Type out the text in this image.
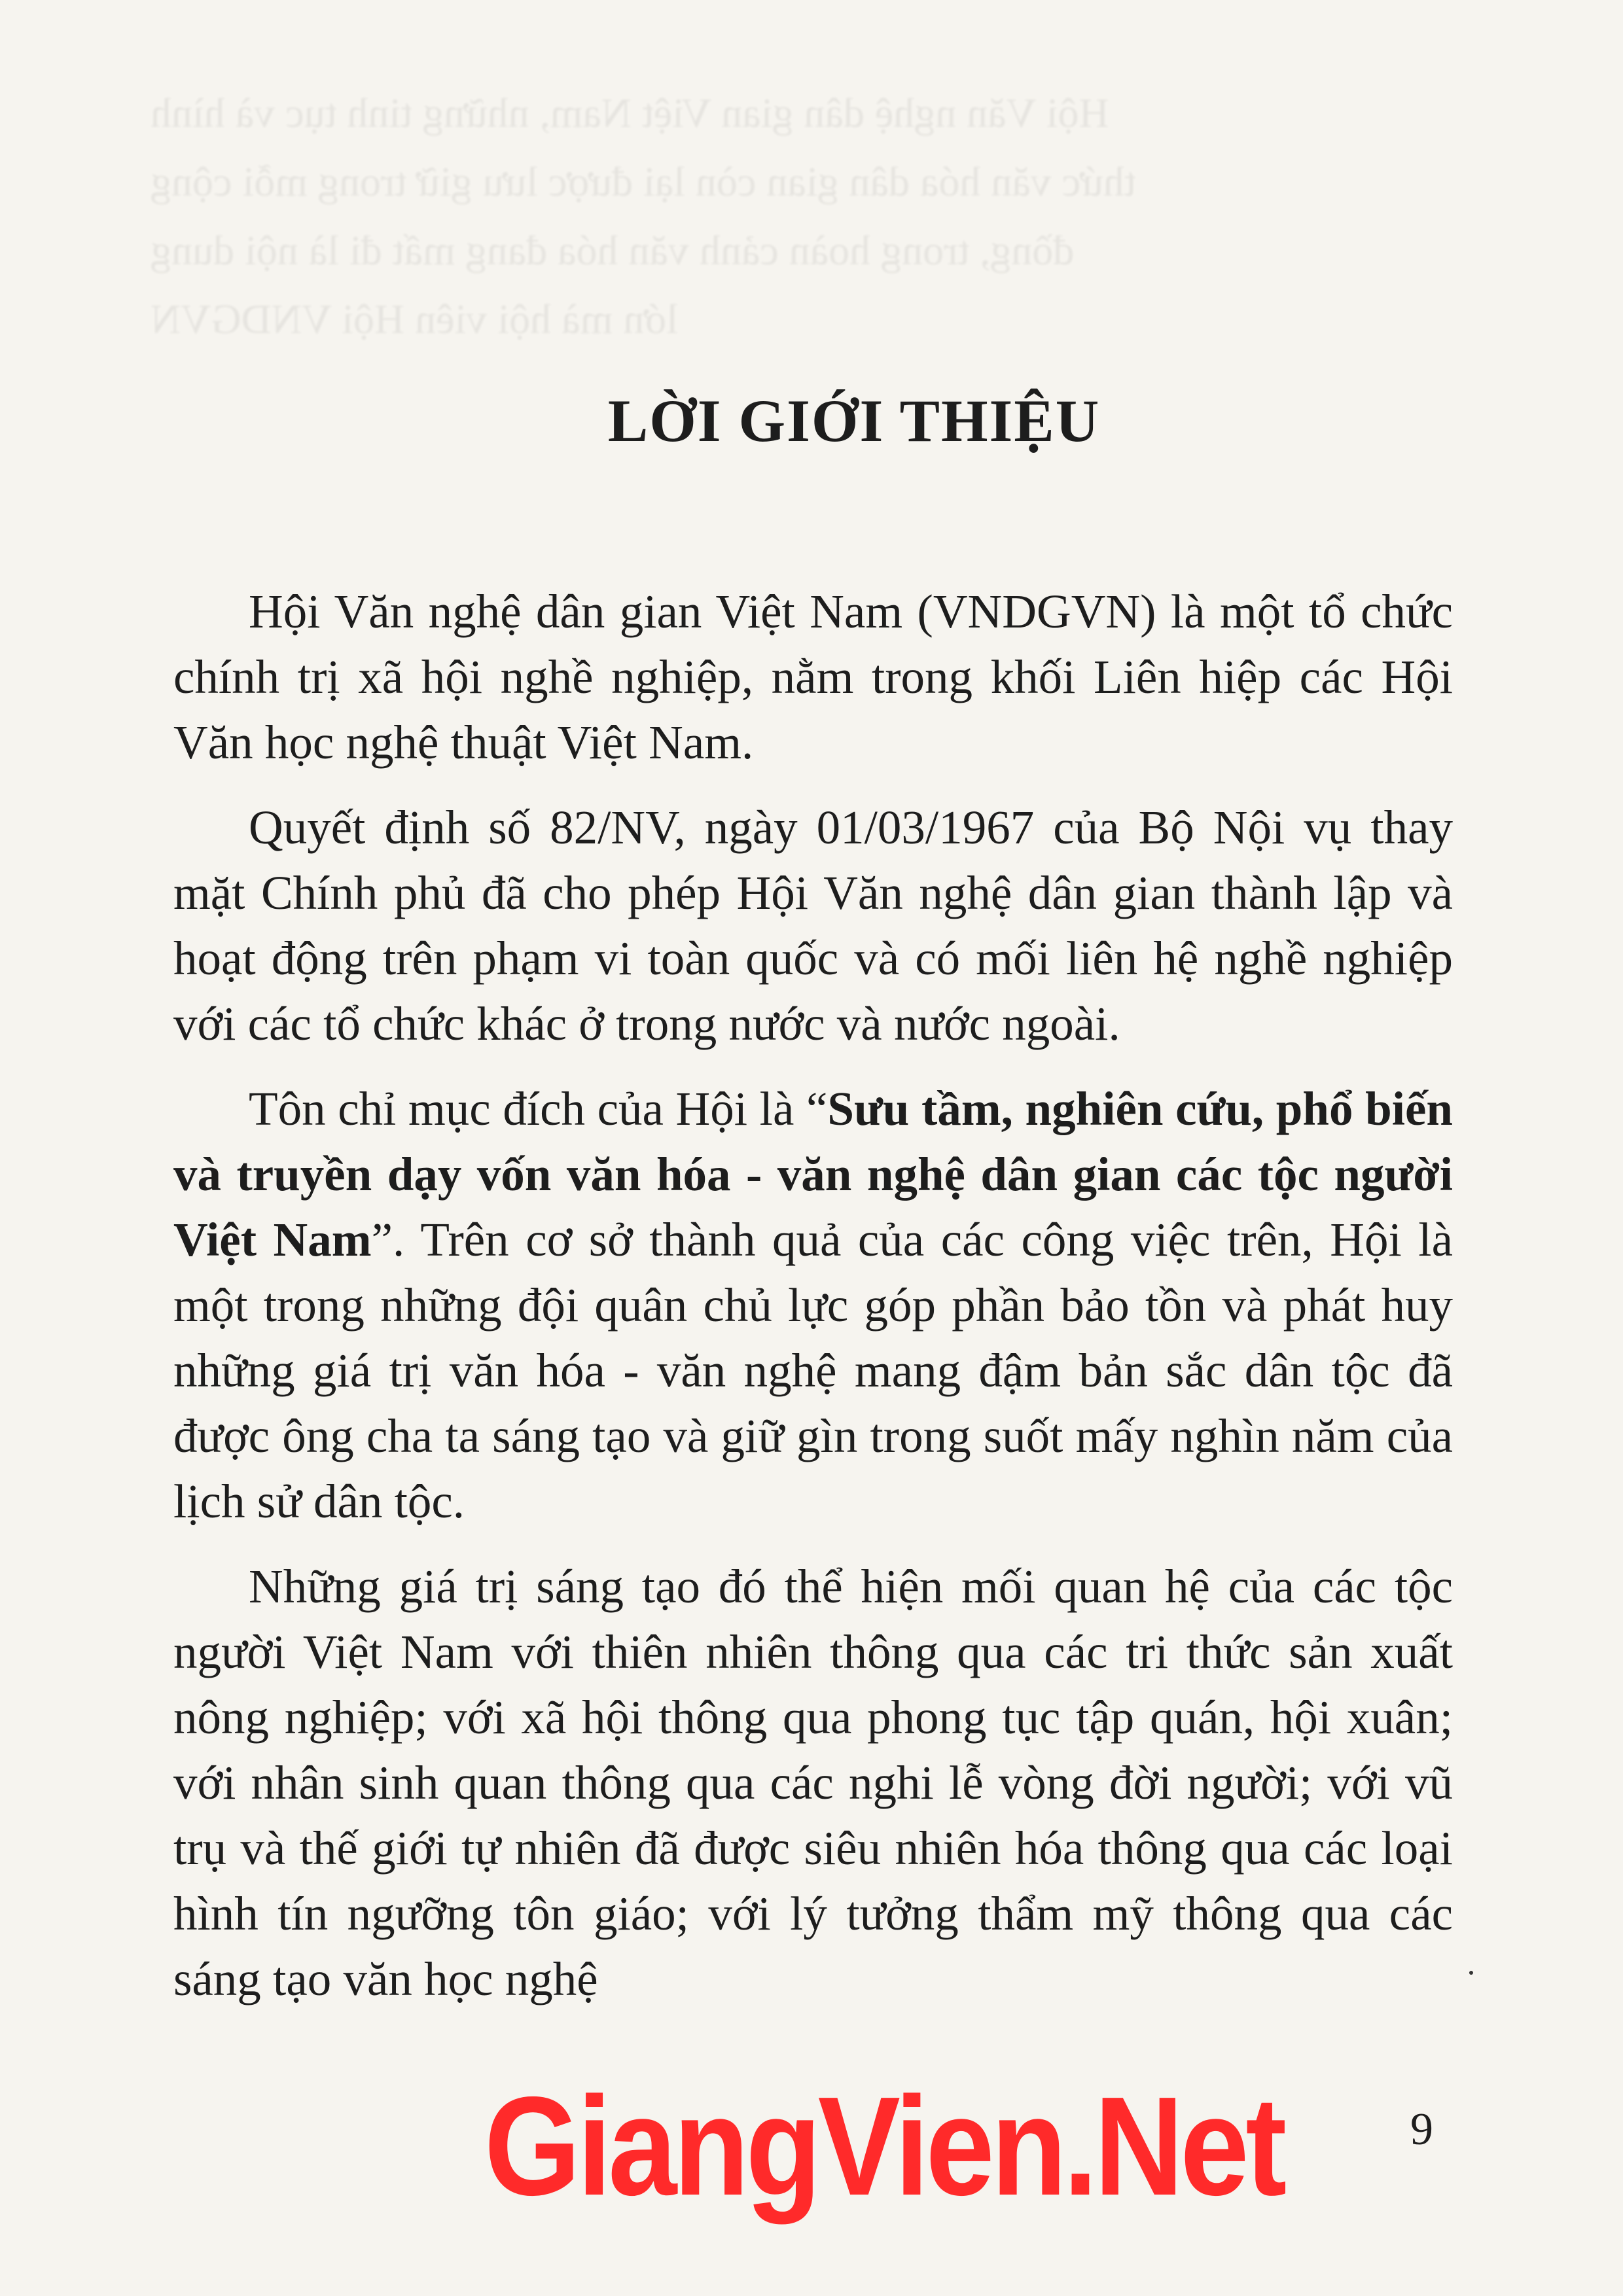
Hội Văn nghệ dân gian Việt Nam, những tinh tục và hình

thức văn hóa dân gian còn lại được lưu giữ trong mỗi cộng

đồng, trong hoàn cảnh văn hóa đang mất đi là nội dung

lớn mà hội viên Hội VNDGVN

LỜI GIỚI THIỆU

Hội Văn nghệ dân gian Việt Nam (VNDGVN) là một tổ chức chính trị xã hội nghề nghiệp, nằm trong khối Liên hiệp các Hội Văn học nghệ thuật Việt Nam.

Quyết định số 82/NV, ngày 01/03/1967 của Bộ Nội vụ thay mặt Chính phủ đã cho phép Hội Văn nghệ dân gian thành lập và hoạt động trên phạm vi toàn quốc và có mối liên hệ nghề nghiệp với các tổ chức khác ở trong nước và nước ngoài.

Tôn chỉ mục đích của Hội là “Sưu tầm, nghiên cứu, phổ biến và truyền dạy vốn văn hóa - văn nghệ dân gian các tộc người Việt Nam”. Trên cơ sở thành quả của các công việc trên, Hội là một trong những đội quân chủ lực góp phần bảo tồn và phát huy những giá trị văn hóa - văn nghệ mang đậm bản sắc dân tộc đã được ông cha ta sáng tạo và giữ gìn trong suốt mấy nghìn năm của lịch sử dân tộc.

Những giá trị sáng tạo đó thể hiện mối quan hệ của các tộc người Việt Nam với thiên nhiên thông qua các tri thức sản xuất nông nghiệp; với xã hội thông qua phong tục tập quán, hội xuân; với nhân sinh quan thông qua các nghi lễ vòng đời người; với vũ trụ và thế giới tự nhiên đã được siêu nhiên hóa thông qua các loại hình tín ngưỡng tôn giáo; với lý tưởng thẩm mỹ thông qua các sáng tạo văn học nghệ

GiangVien.Net	9
